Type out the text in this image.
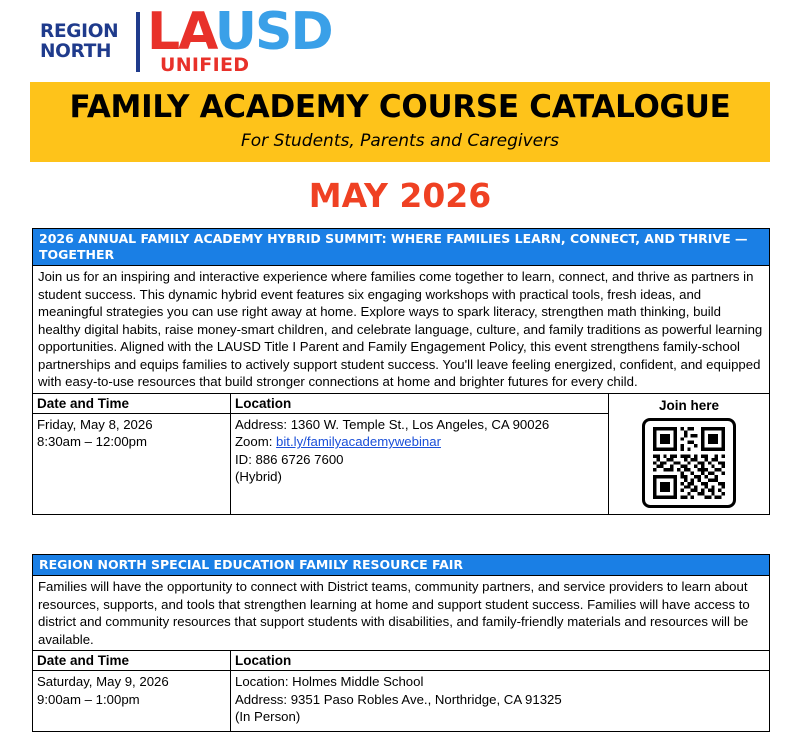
REGION
NORTH LAUSD
UNIFIED
FAMILY ACADEMY COURSE CATALOGUE
For Students, Parents and Caregivers
MAY 2026
2026 ANNUAL FAMILY ACADEMY HYBRID SUMMIT: WHERE FAMILIES LEARN, CONNECT, AND THRIVE — TOGETHER
Join us for an inspiring and interactive experience where families come together to learn, connect, and thrive as partners in student success. This dynamic hybrid event features six engaging workshops with practical tools, fresh ideas, and meaningful strategies you can use right away at home. Explore ways to spark literacy, strengthen math thinking, build healthy digital habits, raise money-smart children, and celebrate language, culture, and family traditions as powerful learning opportunities. Aligned with the LAUSD Title I Parent and Family Engagement Policy, this event strengthens family-school partnerships and equips families to actively support student success. You'll leave feeling energized, confident, and equipped with easy-to-use resources that build stronger connections at home and brighter futures for every child.
Date and Time
Friday, May 8, 2026
8:30am – 12:00pm
Location
Address: 1360 W. Temple St., Los Angeles, CA 90026
Zoom: bit.ly/familyacademywebinar
ID: 886 6726 7600
(Hybrid)
Join here
REGION NORTH SPECIAL EDUCATION FAMILY RESOURCE FAIR
Families will have the opportunity to connect with District teams, community partners, and service providers to learn about resources, supports, and tools that strengthen learning at home and support student success. Families will have access to district and community resources that support students with disabilities, and family-friendly materials and resources will be available.
Date and Time
Saturday, May 9, 2026
9:00am – 1:00pm
Location
Location: Holmes Middle School
Address: 9351 Paso Robles Ave., Northridge, CA 91325
(In Person)
